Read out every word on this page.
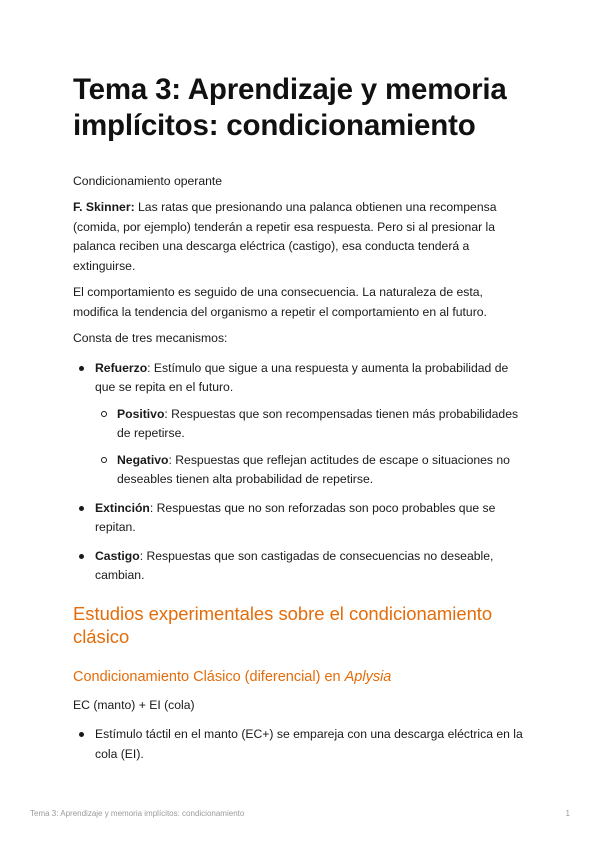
Tema 3: Aprendizaje y memoria implícitos: condicionamiento
Condicionamiento operante

F. Skinner: Las ratas que presionando una palanca obtienen una recompensa (comida, por ejemplo) tenderán a repetir esa respuesta. Pero si al presionar la palanca reciben una descarga eléctrica (castigo), esa conducta tenderá a extinguirse.

El comportamiento es seguido de una consecuencia. La naturaleza de esta, modifica la tendencia del organismo a repetir el comportamiento en al futuro.

Consta de tres mecanismos:

Refuerzo: Estímulo que sigue a una respuesta y aumenta la probabilidad de que se repita en el futuro.
Positivo: Respuestas que son recompensadas tienen más probabilidades de repetirse.
Negativo: Respuestas que reflejan actitudes de escape o situaciones no deseables tienen alta probabilidad de repetirse.
Extinción: Respuestas que no son reforzadas son poco probables que se repitan.
Castigo: Respuestas que son castigadas de consecuencias no deseable, cambian.
Estudios experimentales sobre el condicionamiento clásico
Condicionamiento Clásico (diferencial) en Aplysia

EC (manto) + EI (cola)

Estímulo táctil en el manto (EC+) se empareja con una descarga eléctrica en la cola (EI).
Tema 3: Aprendizaje y memoria implícitos: condicionamiento	1
